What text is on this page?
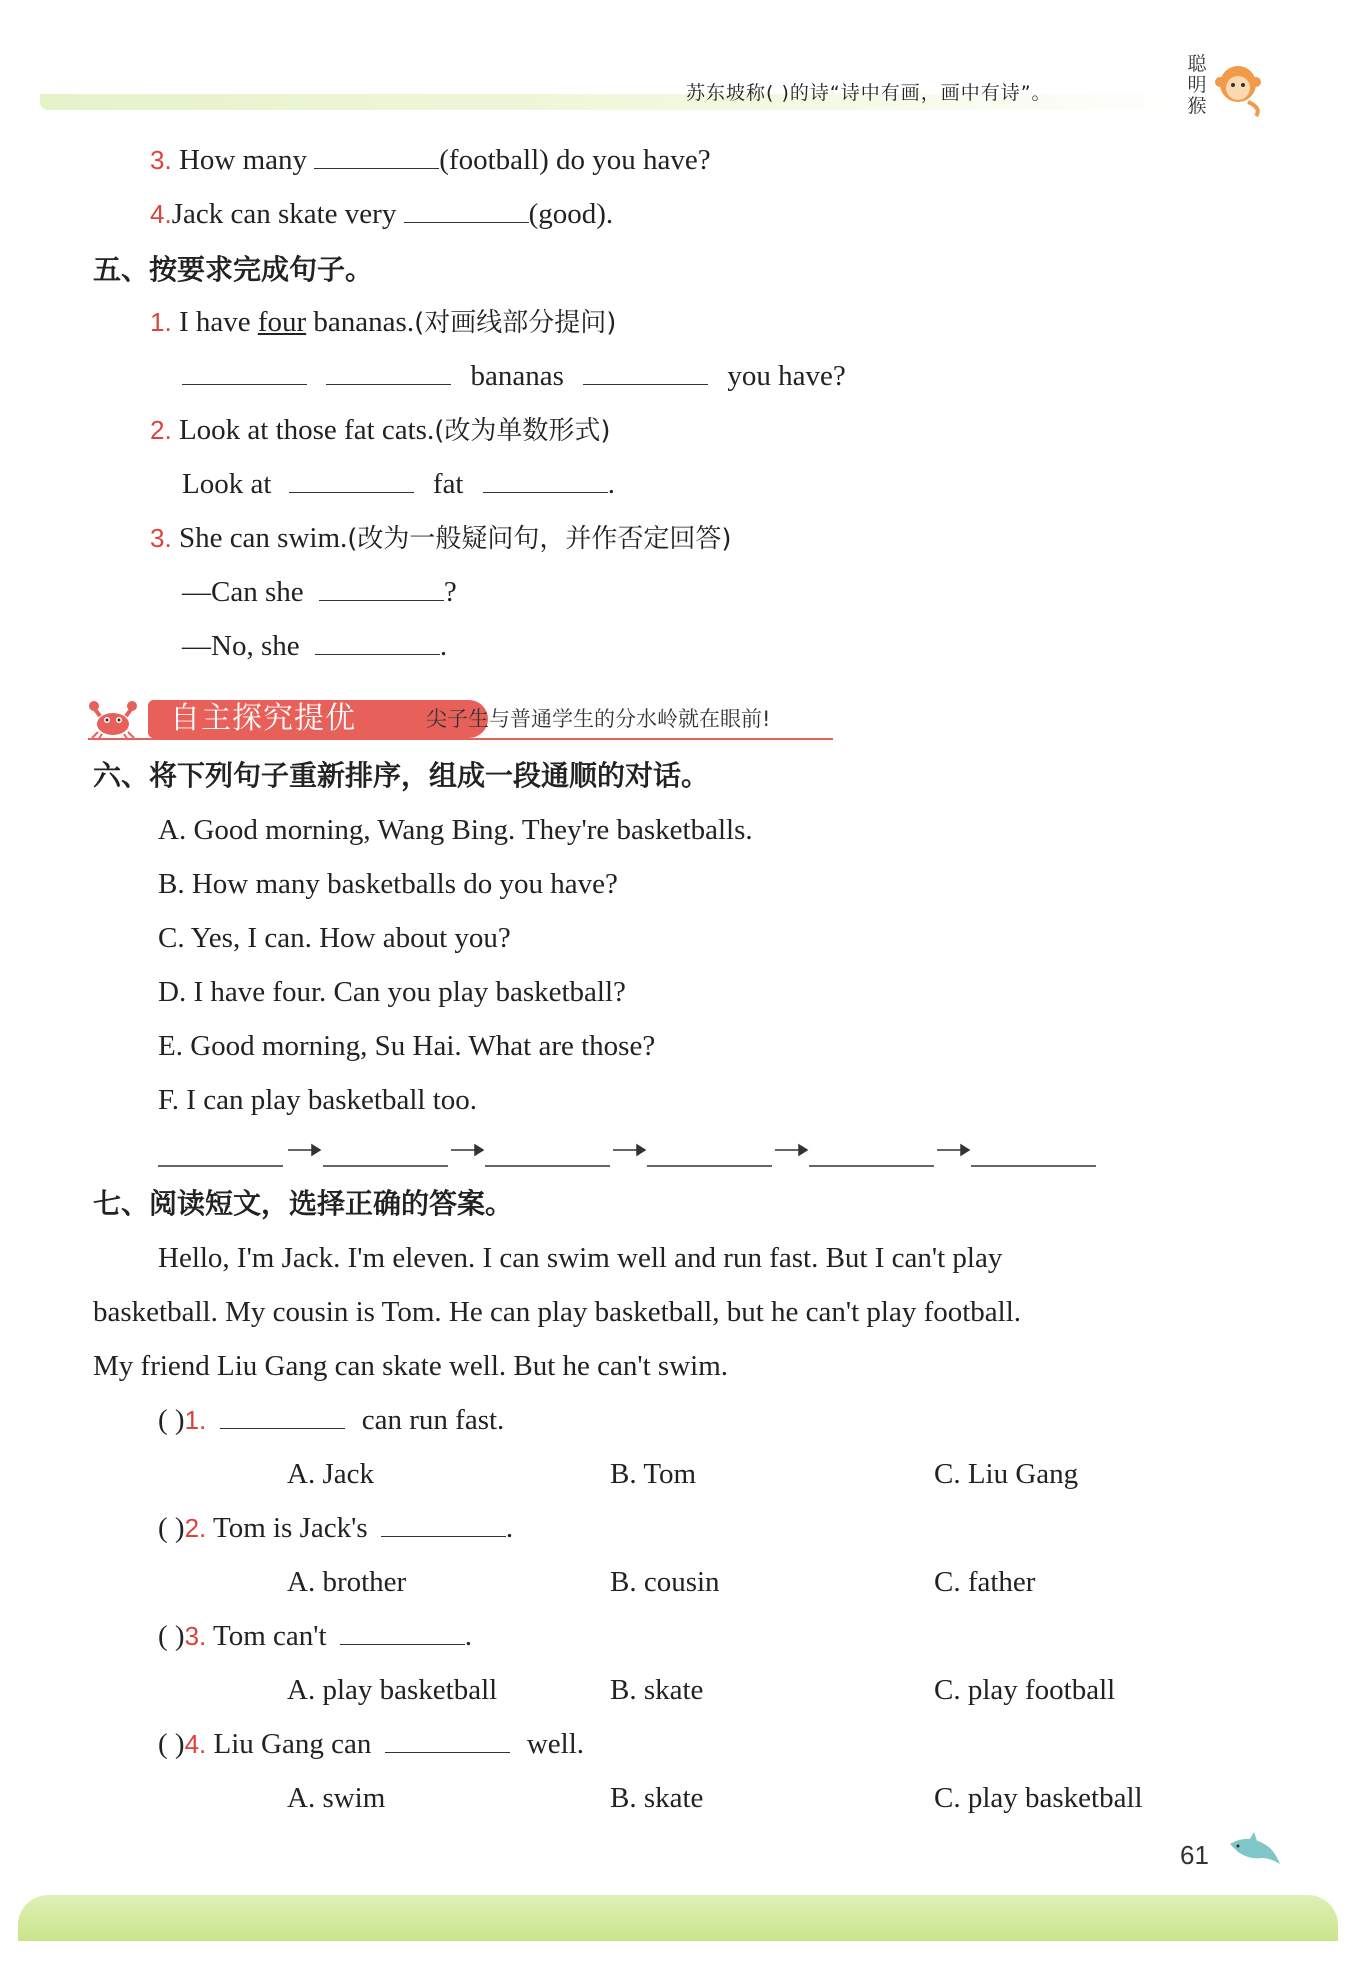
苏东坡称( )的诗“诗中有画，画中有诗”。
聪
明
猴
3. How many	(football) do you have?
4.Jack can skate very	(good).
五、按要求完成句子。
1. I have four bananas.(对画线部分提问)
bananas	you have?
2. Look at those fat cats.(改为单数形式)
Look at	fat	.
3. She can swim.(改为一般疑问句，并作否定回答)
—Can she	?
—No, she	.
自主探究提优	尖子生与普通学生的分水岭就在眼前!
六、将下列句子重新排序，组成一段通顺的对话。
A. Good morning, Wang Bing. They're basketballs.
B. How many basketballs do you have?
C. Yes, I can. How about you?
D. I have four. Can you play basketball?
E. Good morning, Su Hai. What are those?
F. I can play basketball too.
七、阅读短文，选择正确的答案。
Hello, I'm Jack. I'm eleven. I can swim well and run fast. But I can't play
basketball. My cousin is Tom. He can play basketball, but he can't play football.
My friend Liu Gang can skate well. But he can't swim.
( )1.	can run fast.
A. Jack	B. Tom	C. Liu Gang
( )2. Tom is Jack's	.
A. brother	B. cousin	C. father
( )3. Tom can't	.
A. play basketball	B. skate	C. play football
( )4. Liu Gang can	well.
A. swim	B. skate	C. play basketball
61
